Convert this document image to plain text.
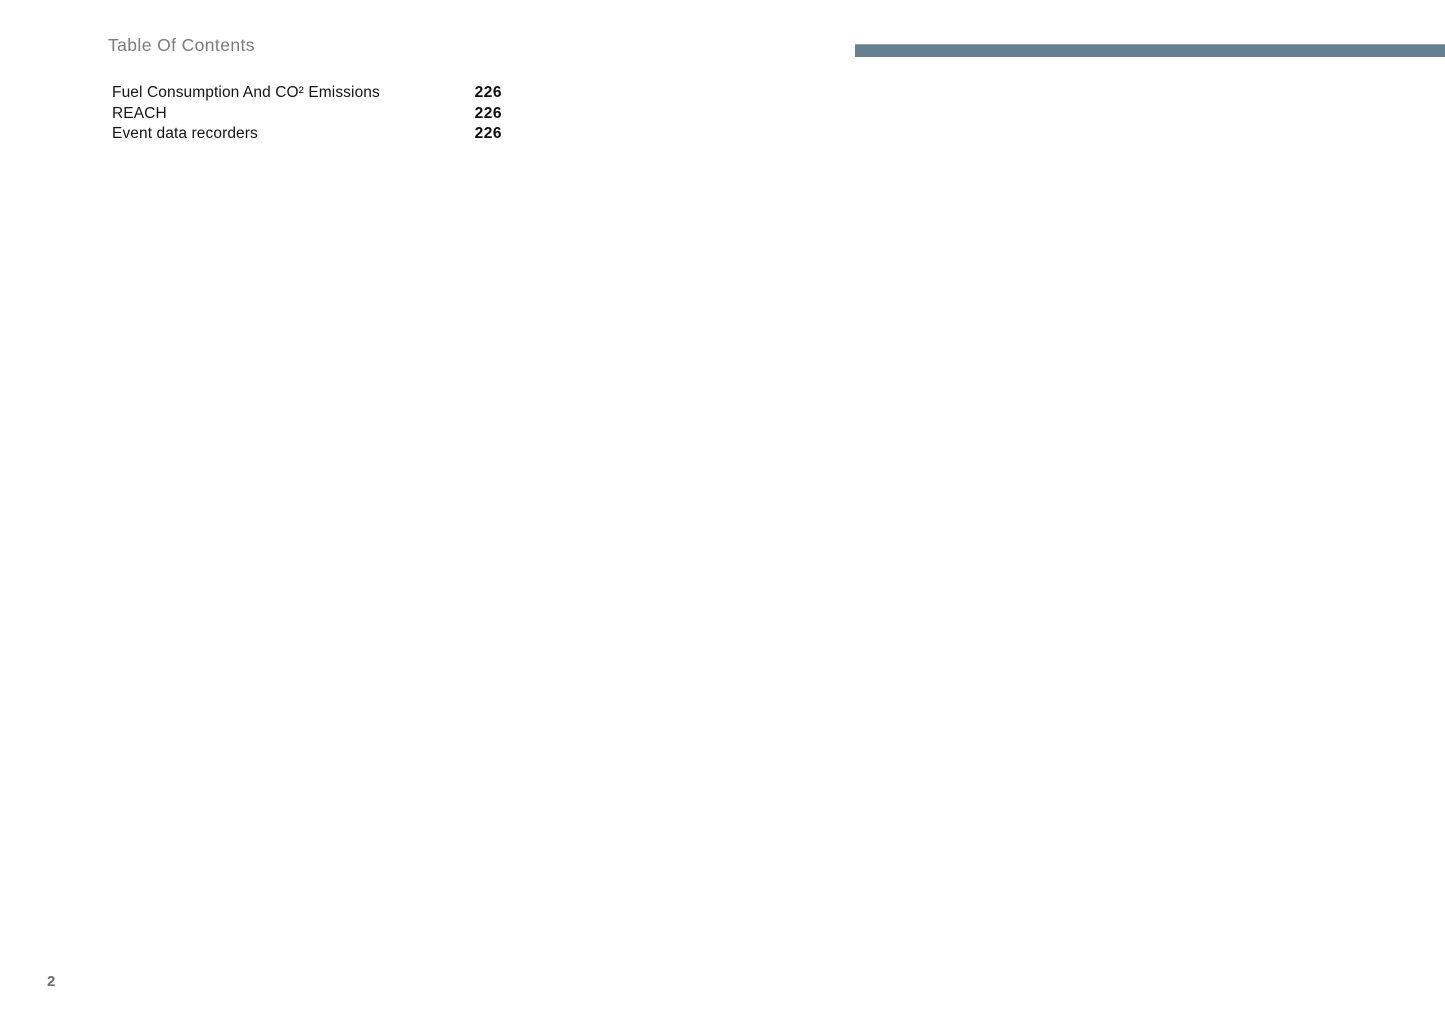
Table Of Contents
Fuel Consumption And CO² Emissions	226
REACH	226
Event data recorders	226
2
